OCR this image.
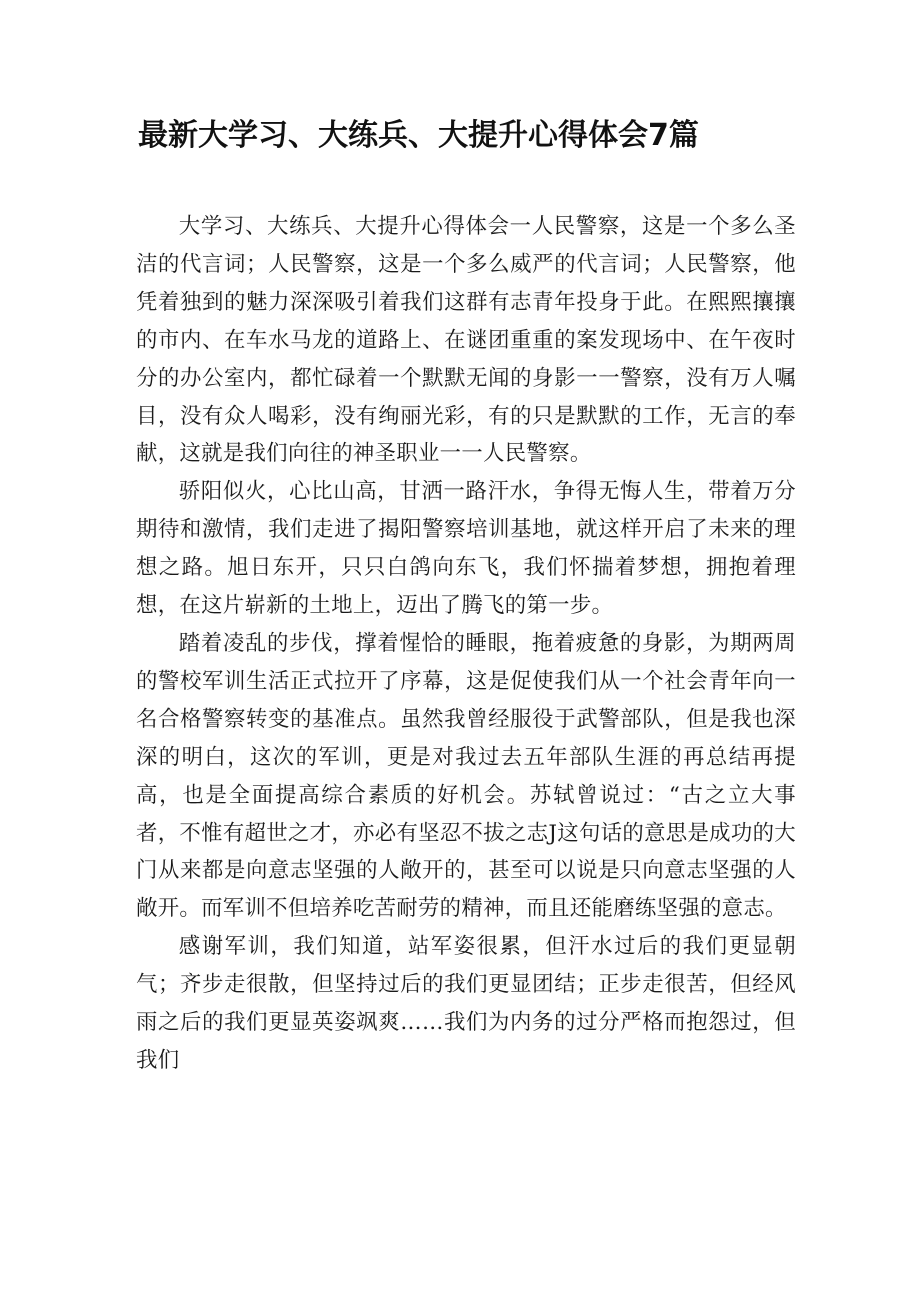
最新大学习、大练兵、大提升心得体会7篇

大学习、大练兵、大提升心得体会一人民警察，这是一个多么圣洁的代言词；人民警察，这是一个多么威严的代言词；人民警察，他凭着独到的魅力深深吸引着我们这群有志青年投身于此。在熙熙攘攘的市内、在车水马龙的道路上、在谜团重重的案发现场中、在午夜时分的办公室内，都忙碌着一个默默无闻的身影一一警察，没有万人嘱目，没有众人喝彩，没有绚丽光彩，有的只是默默的工作，无言的奉献，这就是我们向往的神圣职业一一人民警察。

骄阳似火，心比山高，甘洒一路汗水，争得无悔人生，带着万分期待和激情，我们走进了揭阳警察培训基地，就这样开启了未来的理想之路。旭日东开，只只白鸽向东飞，我们怀揣着梦想，拥抱着理想，在这片崭新的土地上，迈出了腾飞的第一步。

踏着凌乱的步伐，撑着惺恰的睡眼，拖着疲惫的身影，为期两周的警校军训生活正式拉开了序幕，这是促使我们从一个社会青年向一名合格警察转变的基准点。虽然我曾经服役于武警部队，但是我也深深的明白，这次的军训，更是对我过去五年部队生涯的再总结再提高，也是全面提高综合素质的好机会。苏轼曾说过：“古之立大事者，不惟有超世之才，亦必有坚忍不拔之志J这句话的意思是成功的大门从来都是向意志坚强的人敞开的，甚至可以说是只向意志坚强的人敞开。而军训不但培养吃苦耐劳的精神，而且还能磨练坚强的意志。

感谢军训，我们知道，站军姿很累，但汗水过后的我们更显朝气；齐步走很散，但坚持过后的我们更显团结；正步走很苦，但经风雨之后的我们更显英姿飒爽……我们为内务的过分严格而抱怨过，但我们
